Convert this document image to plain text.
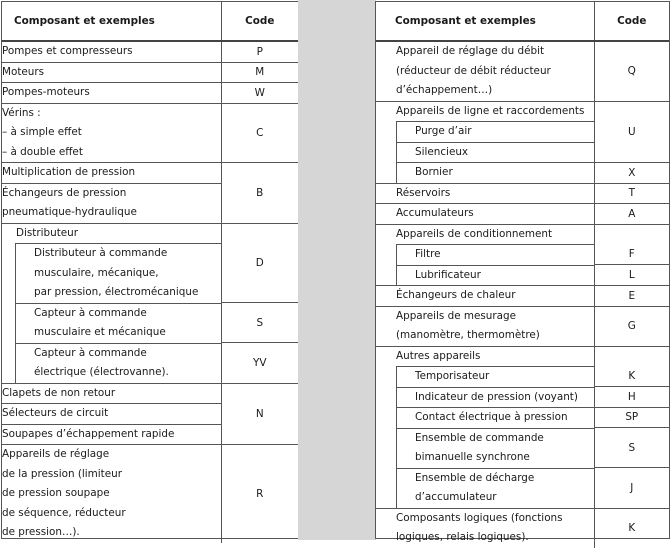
Composant et exemples	Code

Pompes et compresseurs	P

Moteurs	M

Pompes-moteurs	W

Vérins :
– à simple effet
– à double effet	C

Multiplication de pression	B

Échangeurs de pression
pneumatique-hydraulique	

Distributeur
Distributeur à commande
musculaire, mécanique,
par pression, électromécanique	D

Capteur à commande
musculaire et mécanique	S

Capteur à commande
électrique (électrovanne).	YV

Clapets de non retour	N

Sélecteurs de circuit	

Soupapes d’échappement rapide	

Appareils de réglage
de la pression (limiteur
de pression soupape
de séquence, réducteur
de pression…).	R
Composant et exemples	Code

Appareil de réglage du débit
(réducteur de débit réducteur
d’échappement…)	Q

Appareils de ligne et raccordements
Purge d’air
Silencieux	U

Bornier	X

Réservoirs	T

Accumulateurs	A

Appareils de conditionnement
Filtre	F

Lubrificateur	L

Échangeurs de chaleur	E

Appareils de mesurage
(manomètre, thermomètre)	G

Autres appareils
Temporisateur	K

Indicateur de pression (voyant)	H

Contact électrique à pression	SP

Ensemble de commande
bimanuelle synchrone	S

Ensemble de décharge
d’accumulateur	J

Composants logiques (fonctions
logiques, relais logiques).	K
